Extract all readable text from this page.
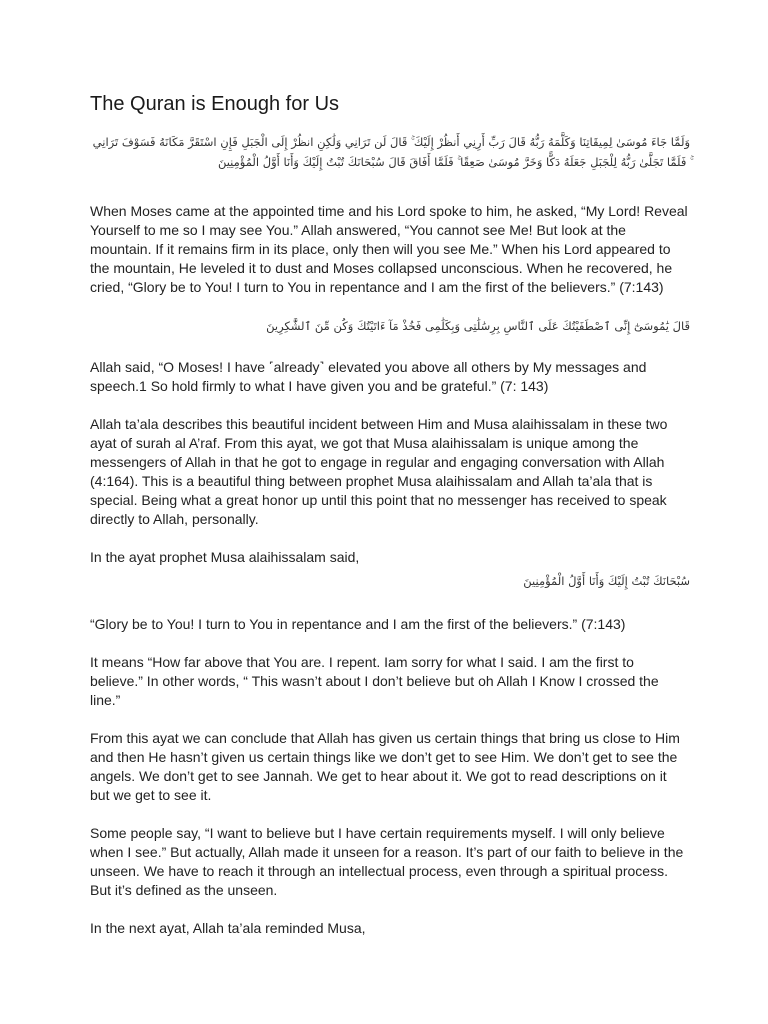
The Quran is Enough for Us

وَلَمَّا جَاءَ مُوسَىٰ لِمِيقَاتِنَا وَكَلَّمَهُ رَبُّهُ قَالَ رَبِّ أَرِنِي أَنظُرْ إِلَيْكَ ۚ قَالَ لَن تَرَانِي وَلَٰكِنِ انظُرْ إِلَى الْجَبَلِ فَإِنِ اسْتَقَرَّ مَكَانَهُ فَسَوْفَ تَرَانِي ۚ فَلَمَّا تَجَلَّىٰ رَبُّهُ لِلْجَبَلِ جَعَلَهُ دَكًّا وَخَرَّ مُوسَىٰ صَعِقًا ۚ فَلَمَّا أَفَاقَ قَالَ سُبْحَانَكَ تُبْتُ إِلَيْكَ وَأَنَا أَوَّلُ الْمُؤْمِنِينَ

When Moses came at the appointed time and his Lord spoke to him, he asked, “My Lord! Reveal Yourself to me so I may see You.” Allah answered, “You cannot see Me! But look at the mountain. If it remains firm in its place, only then will you see Me.” When his Lord appeared to the mountain, He leveled it to dust and Moses collapsed unconscious. When he recovered, he cried, “Glory be to You! I turn to You in repentance and I am the first of the believers.” (7:143)

قَالَ يَٰمُوسَىٰٓ إِنِّى ٱصْطَفَيْتُكَ عَلَى ٱلنَّاسِ بِرِسَٰلَٰتِى وَبِكَلَٰمِى فَخُذْ مَآ ءَاتَيْتُكَ وَكُن مِّنَ ٱلشَّٰكِرِينَ

Allah said, “O Moses! I have ˹already˺ elevated you above all others by My messages and speech.1 So hold firmly to what I have given you and be grateful.” (7: 143)

Allah ta’ala describes this beautiful incident between Him and Musa alaihissalam in these two ayat of surah al A’raf. From this ayat, we got that Musa alaihissalam is unique among the messengers of Allah in that he got to engage in regular and engaging conversation with Allah (4:164). This is a beautiful thing between prophet Musa alaihissalam and Allah ta’ala that is special. Being what a great honor up until this point that no messenger has received to speak directly to Allah, personally.

In the ayat prophet Musa alaihissalam said,

سُبْحَانَكَ تُبْتُ إِلَيْكَ وَأَنَا أَوَّلُ الْمُؤْمِنِينَ

“Glory be to You! I turn to You in repentance and I am the first of the believers.” (7:143)

It means “How far above that You are. I repent. Iam sorry for what I said. I am the first to believe.” In other words, “ This wasn’t about I don’t believe but oh Allah I Know I crossed the line.”

From this ayat we can conclude that Allah has given us certain things that bring us close to Him and then He hasn’t given us certain things like we don’t get to see Him. We don’t get to see the angels. We don’t get to see Jannah. We get to hear about it. We got to read descriptions on it but we get to see it.

Some people say, “I want to believe but I have certain requirements myself. I will only believe when I see.” But actually, Allah made it unseen for a reason. It’s part of our faith to believe in the unseen. We have to reach it through an intellectual process, even through a spiritual process. But it’s defined as the unseen.

In the next ayat, Allah ta’ala reminded Musa,
